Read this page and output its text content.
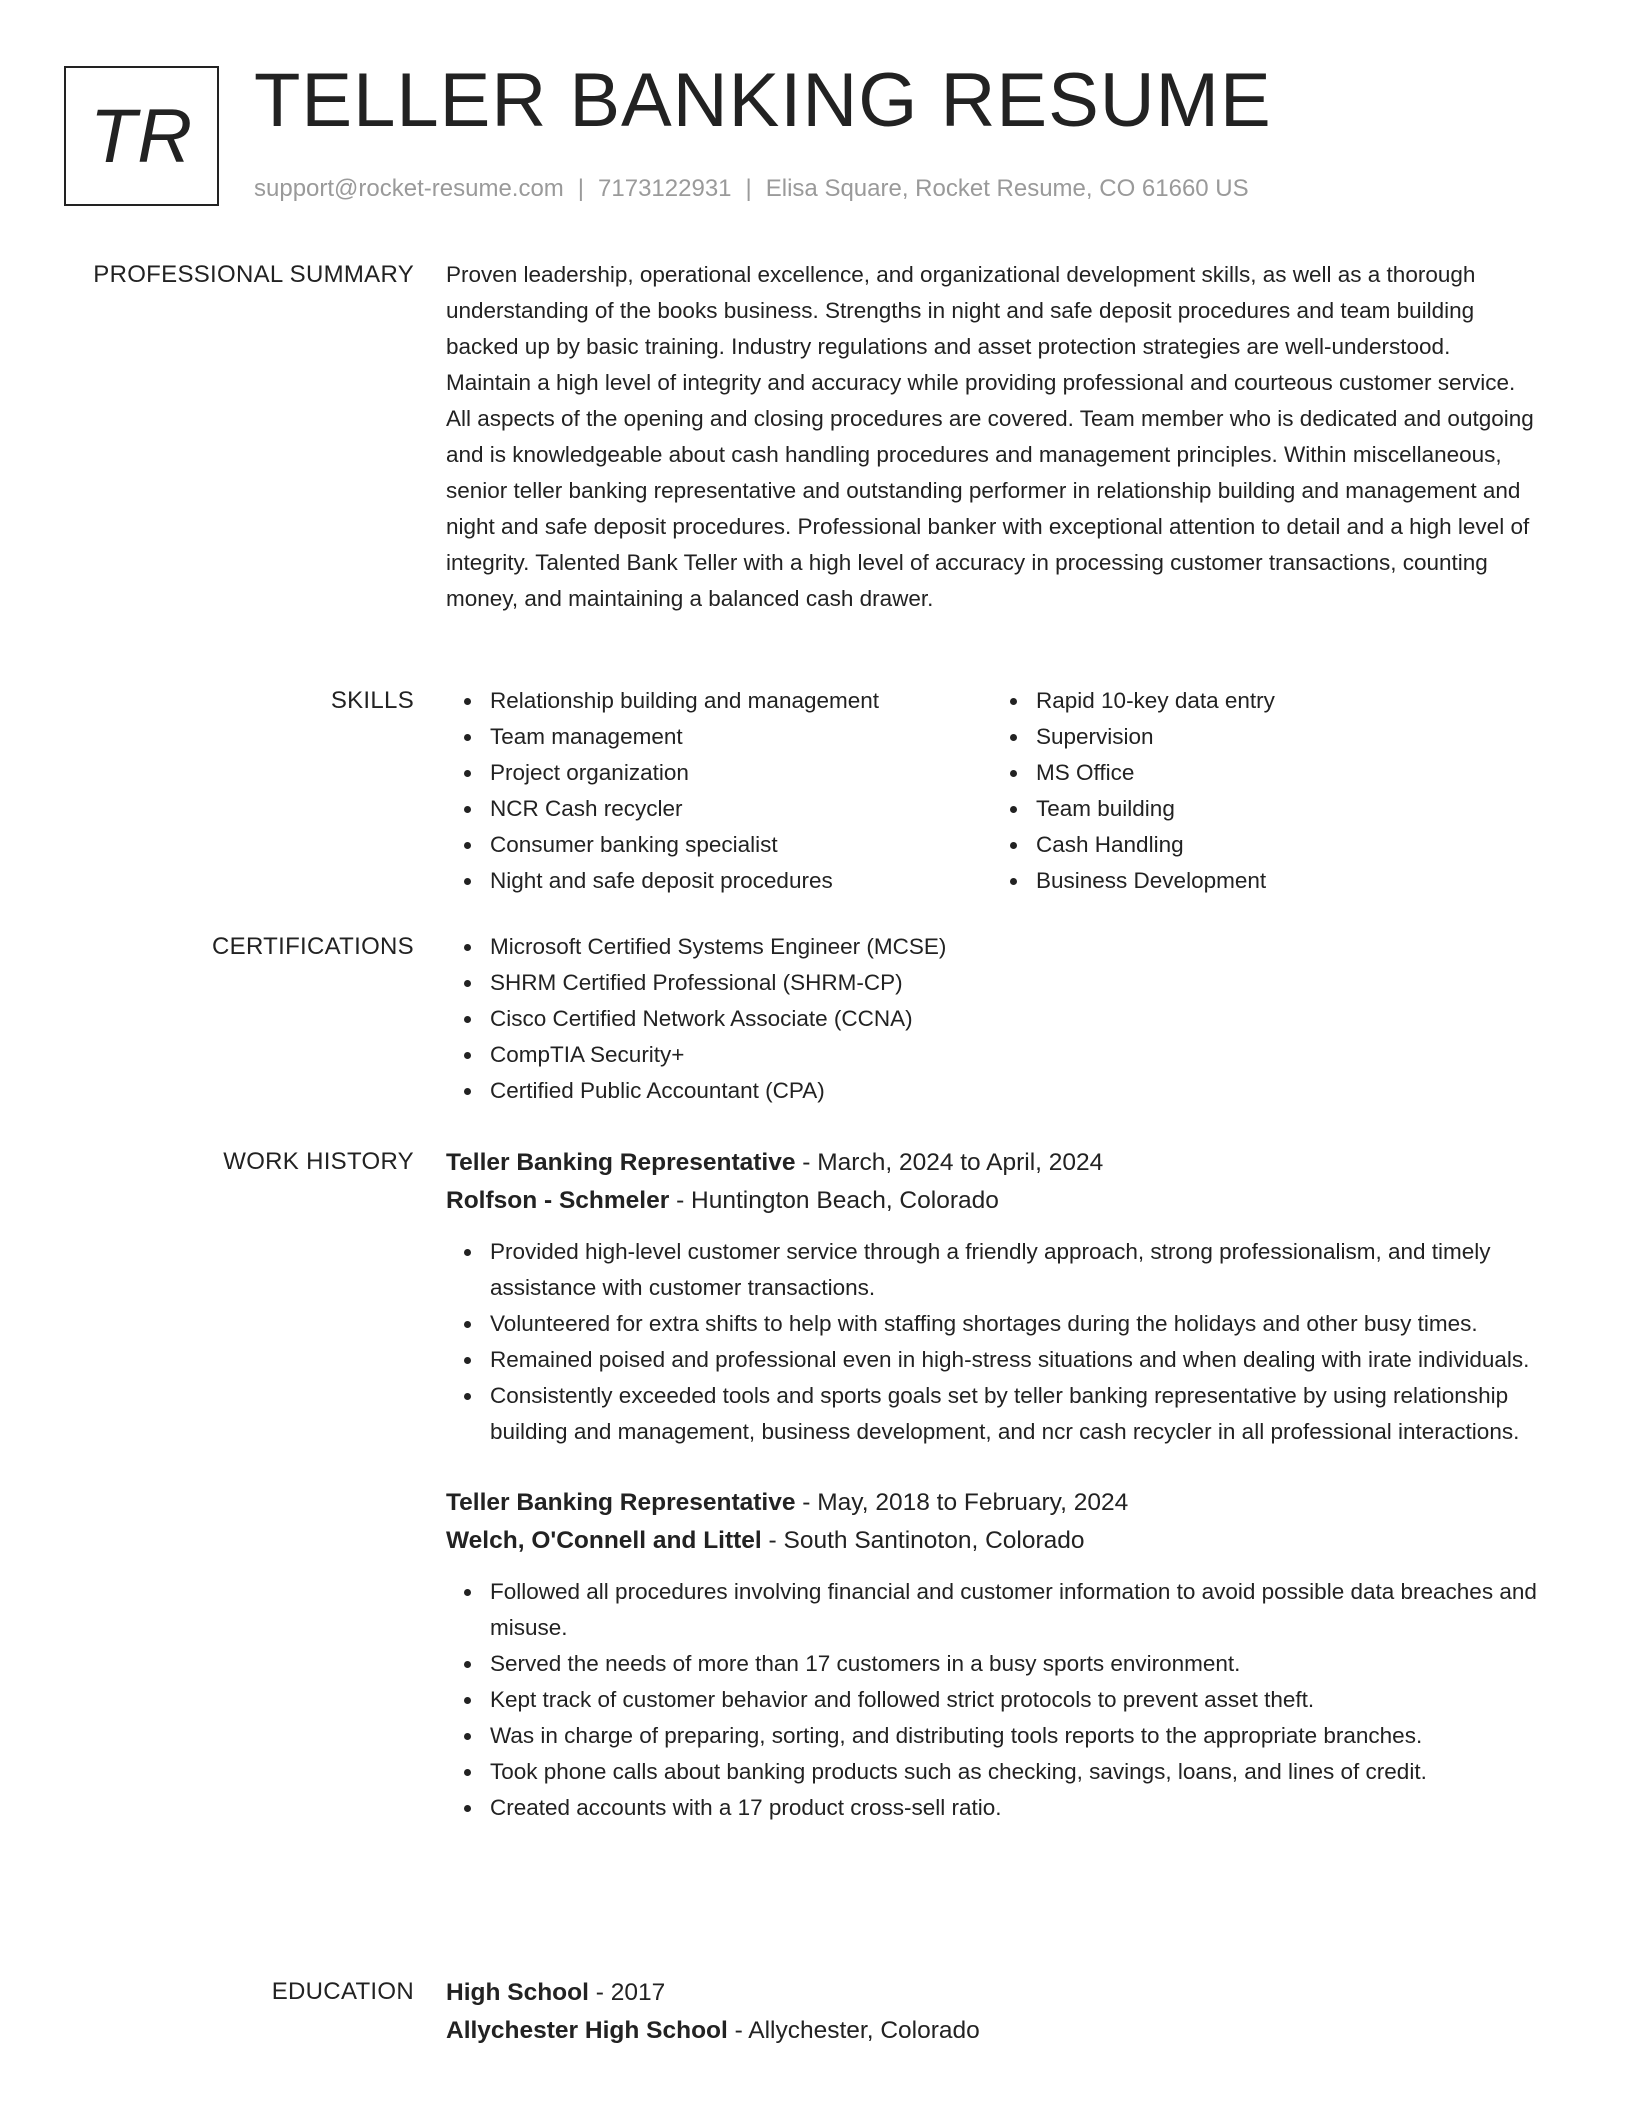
TR TELLER BANKING RESUME
support@rocket-resume.com | 7173122931 | Elisa Square, Rocket Resume, CO 61660 US
PROFESSIONAL SUMMARY Proven leadership, operational excellence, and organizational development skills, as well as a thorough understanding of the books business. Strengths in night and safe deposit procedures and team building backed up by basic training. Industry regulations and asset protection strategies are well-understood. Maintain a high level of integrity and accuracy while providing professional and courteous customer service. All aspects of the opening and closing procedures are covered. Team member who is dedicated and outgoing and is knowledgeable about cash handling procedures and management principles. Within miscellaneous, senior teller banking representative and outstanding performer in relationship building and management and night and safe deposit procedures. Professional banker with exceptional attention to detail and a high level of integrity. Talented Bank Teller with a high level of accuracy in processing customer transactions, counting money, and maintaining a balanced cash drawer.
SKILLS	Relationship building and management
Team management
Project organization
NCR Cash recycler
Consumer banking specialist
Night and safe deposit procedures
Rapid 10-key data entry
Supervision
MS Office
Team building
Cash Handling
Business Development
CERTIFICATIONS	Microsoft Certified Systems Engineer (MCSE)
SHRM Certified Professional (SHRM-CP)
Cisco Certified Network Associate (CCNA)
CompTIA Security+
Certified Public Accountant (CPA)
WORK HISTORY Teller Banking Representative - March, 2024 to April, 2024
Rolfson - Schmeler - Huntington Beach, Colorado
Provided high-level customer service through a friendly approach, strong professionalism, and timely assistance with customer transactions.
Volunteered for extra shifts to help with staffing shortages during the holidays and other busy times.
Remained poised and professional even in high-stress situations and when dealing with irate individuals.
Consistently exceeded tools and sports goals set by teller banking representative by using relationship building and management, business development, and ncr cash recycler in all professional interactions.
Teller Banking Representative - May, 2018 to February, 2024
Welch, O'Connell and Littel - South Santinoton, Colorado
Followed all procedures involving financial and customer information to avoid possible data breaches and misuse.
Served the needs of more than 17 customers in a busy sports environment.
Kept track of customer behavior and followed strict protocols to prevent asset theft.
Was in charge of preparing, sorting, and distributing tools reports to the appropriate branches.
Took phone calls about banking products such as checking, savings, loans, and lines of credit.
Created accounts with a 17 product cross-sell ratio.
EDUCATION High School - 2017
Allychester High School - Allychester, Colorado
